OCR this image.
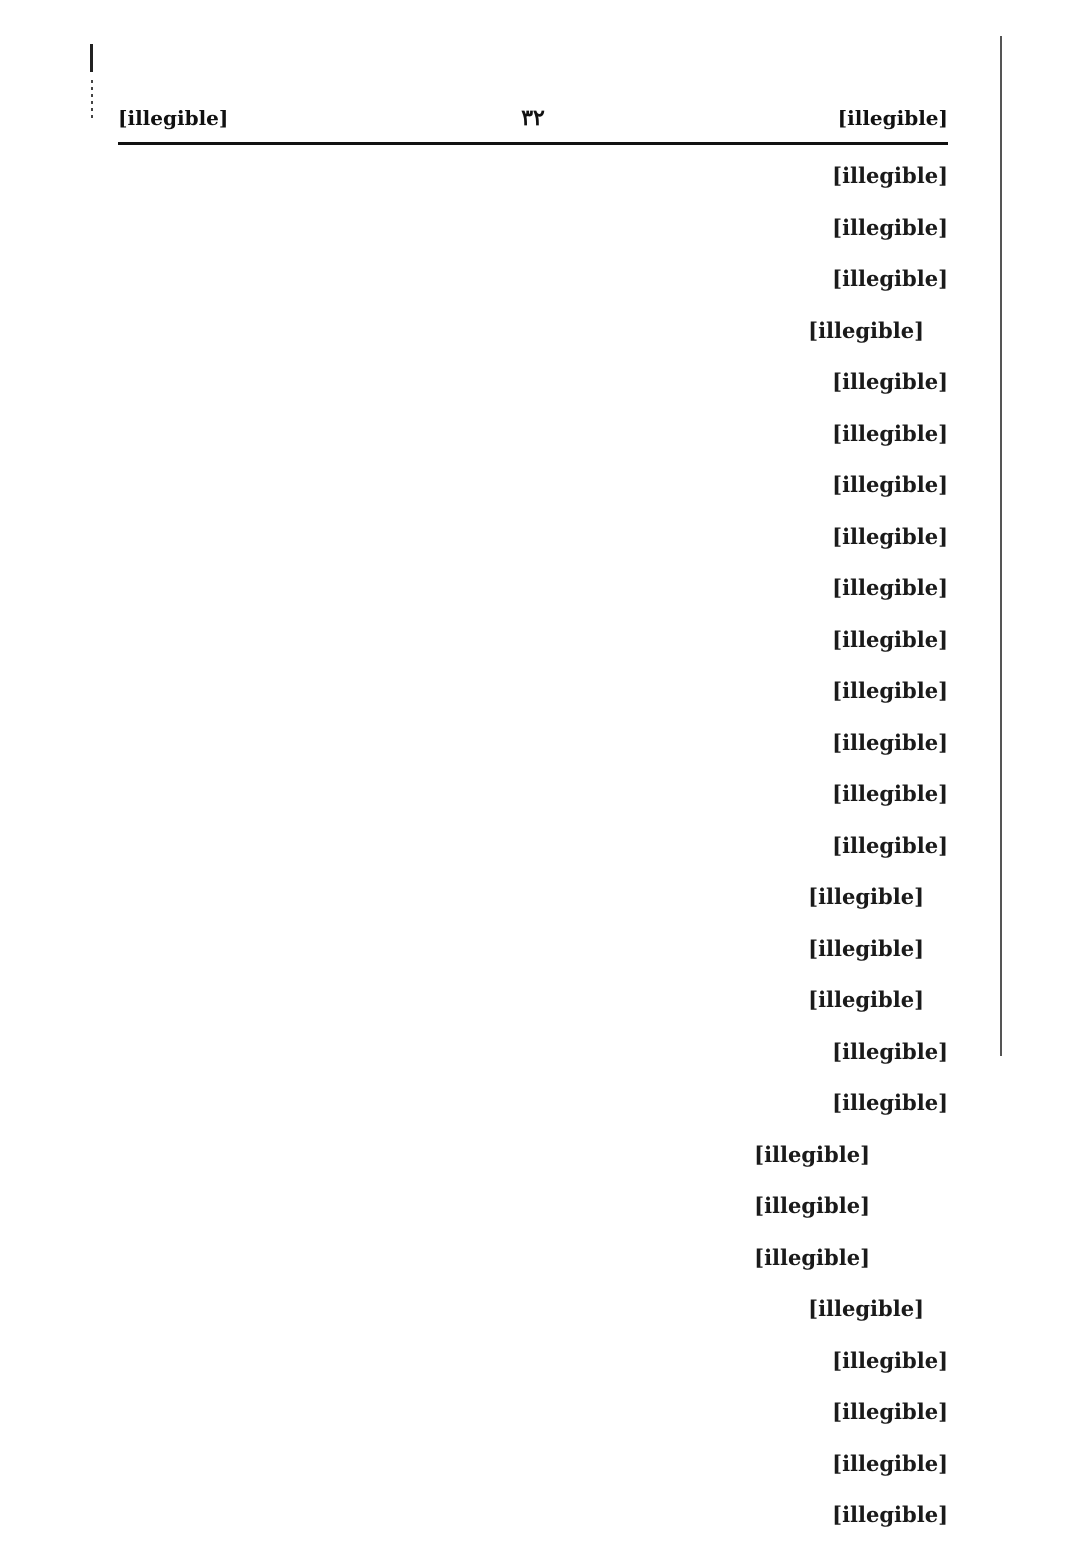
[illegible]
۳۲
[illegible]
[illegible]
[illegible]
[illegible]
[illegible]
[illegible]
[illegible]
[illegible]
[illegible]
[illegible]
[illegible]
[illegible]
[illegible]
[illegible]
[illegible]
[illegible]
[illegible]
[illegible]
[illegible]
[illegible]
[illegible]
[illegible]
[illegible]
[illegible]
[illegible]
[illegible]
[illegible]
[illegible]
